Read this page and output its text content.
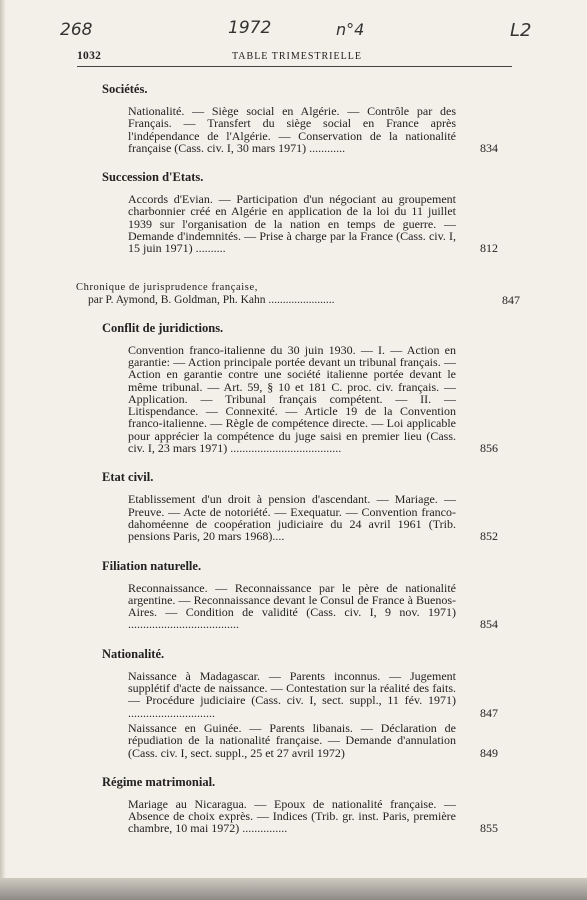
268	1972	n°4	L2
1032	TABLE TRIMESTRIELLE
Sociétés.
Nationalité. — Siège social en Algérie. — Contrôle par des Français. — Transfert du siège social en France après l'indépendance de l'Algérie. — Conservation de la nationalité française (Cass. civ. I, 30 mars 1971) ............	834
Succession d'Etats.
Accords d'Evian. — Participation d'un négociant au groupement charbonnier créé en Algérie en application de la loi du 11 juillet 1939 sur l'organisation de la nation en temps de guerre. — Demande d'indemnités. — Prise à charge par la France (Cass. civ. I, 15 juin 1971) ..........	812
Chronique de jurisprudence française,
par P. Aymond, B. Goldman, Ph. Kahn .......................	847
Conflit de juridictions.
Convention franco-italienne du 30 juin 1930. — I. — Action en garantie: — Action principale portée devant un tribunal français. — Action en garantie contre une société italienne portée devant le même tribunal. — Art. 59, § 10 et 181 C. proc. civ. français. — Application. — Tribunal français compétent. — II. — Litispendance. — Connexité. — Article 19 de la Convention franco-italienne. — Règle de compétence directe. — Loi applicable pour apprécier la compétence du juge saisi en premier lieu (Cass. civ. I, 23 mars 1971) .....................................	856
Etat civil.
Etablissement d'un droit à pension d'ascendant. — Mariage. — Preuve. — Acte de notoriété. — Exequatur. — Convention franco-dahoméenne de coopération judiciaire du 24 avril 1961 (Trib. pensions Paris, 20 mars 1968)....	852
Filiation naturelle.
Reconnaissance. — Reconnaissance par le père de nationalité argentine. — Reconnaissance devant le Consul de France à Buenos-Aires. — Condition de validité (Cass. civ. I, 9 nov. 1971) .....................................	854
Nationalité.
Naissance à Madagascar. — Parents inconnus. — Jugement supplétif d'acte de naissance. — Contestation sur la réalité des faits. — Procédure judiciaire (Cass. civ. I, sect. suppl., 11 fév. 1971) .............................	847
Naissance en Guinée. — Parents libanais. — Déclaration de répudiation de la nationalité française. — Demande d'annulation (Cass. civ. I, sect. suppl., 25 et 27 avril 1972)	849
Régime matrimonial.
Mariage au Nicaragua. — Epoux de nationalité française. — Absence de choix exprès. — Indices (Trib. gr. inst. Paris, première chambre, 10 mai 1972) ...............	855
